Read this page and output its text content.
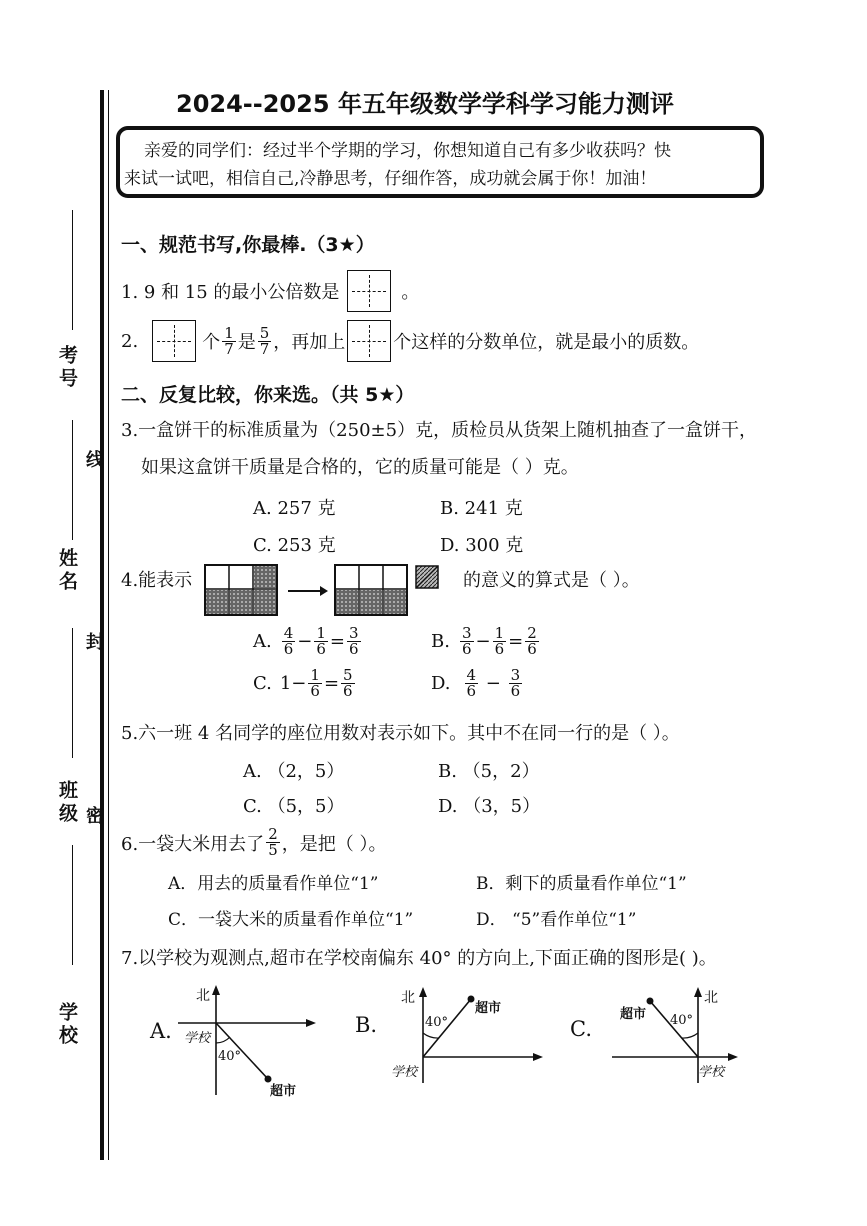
考号
姓名
班级
学校
线
封
密
2024--2025 年五年级数学学科学习能力测评
亲爱的同学们：经过半个学期的学习，你想知道自己有多少收获吗？快
来试一试吧，相信自己,冷静思考，仔细作答，成功就会属于你！加油！
一、规范书写,你最棒.（3★）
1. 9 和 15 的最小公倍数是	。
2.	个 $\frac{1}{7}$ 是 $\frac{5}{7}$ ，再加上	个这样的分数单位，就是最小的质数。
二、反复比较，你来选。（共 5★）
3.一盒饼干的标准质量为（250±5）克，质检员从货架上随机抽查了一盒饼干，
如果这盒饼干质量是合格的，它的质量可能是（ ）克。
A. 257 克	B. 241 克
C. 253 克	D. 300 克
4.能表示	的意义的算式是（ ）。
A. $\frac{4}{6} - \frac{1}{6} = \frac{3}{6}$	B. $\frac{3}{6} - \frac{1}{6} = \frac{2}{6}$
C. $1- \frac{1}{6} = \frac{5}{6}$	D. $\frac{4}{6} - \frac{3}{6}$
5.六一班 4 名同学的座位用数对表示如下。其中不在同一行的是（ ）。
A. （2，5）	B. （5，2）
C. （5，5）	D. （3，5）
6.一袋大米用去了 $\frac{2}{5}$ ，是把（ ）。
A．用去的质量看作单位“1”	B．剩下的质量看作单位“1”
C．一袋大米的质量看作单位“1”	D． “5”看作单位“1”
7.以学校为观测点,超市在学校南偏东 40° 的方向上,下面正确的图形是( )。
A.
北
学校
40°
超市
B.
北
超市
40°
学校
C.
超市
北
40°
学校
